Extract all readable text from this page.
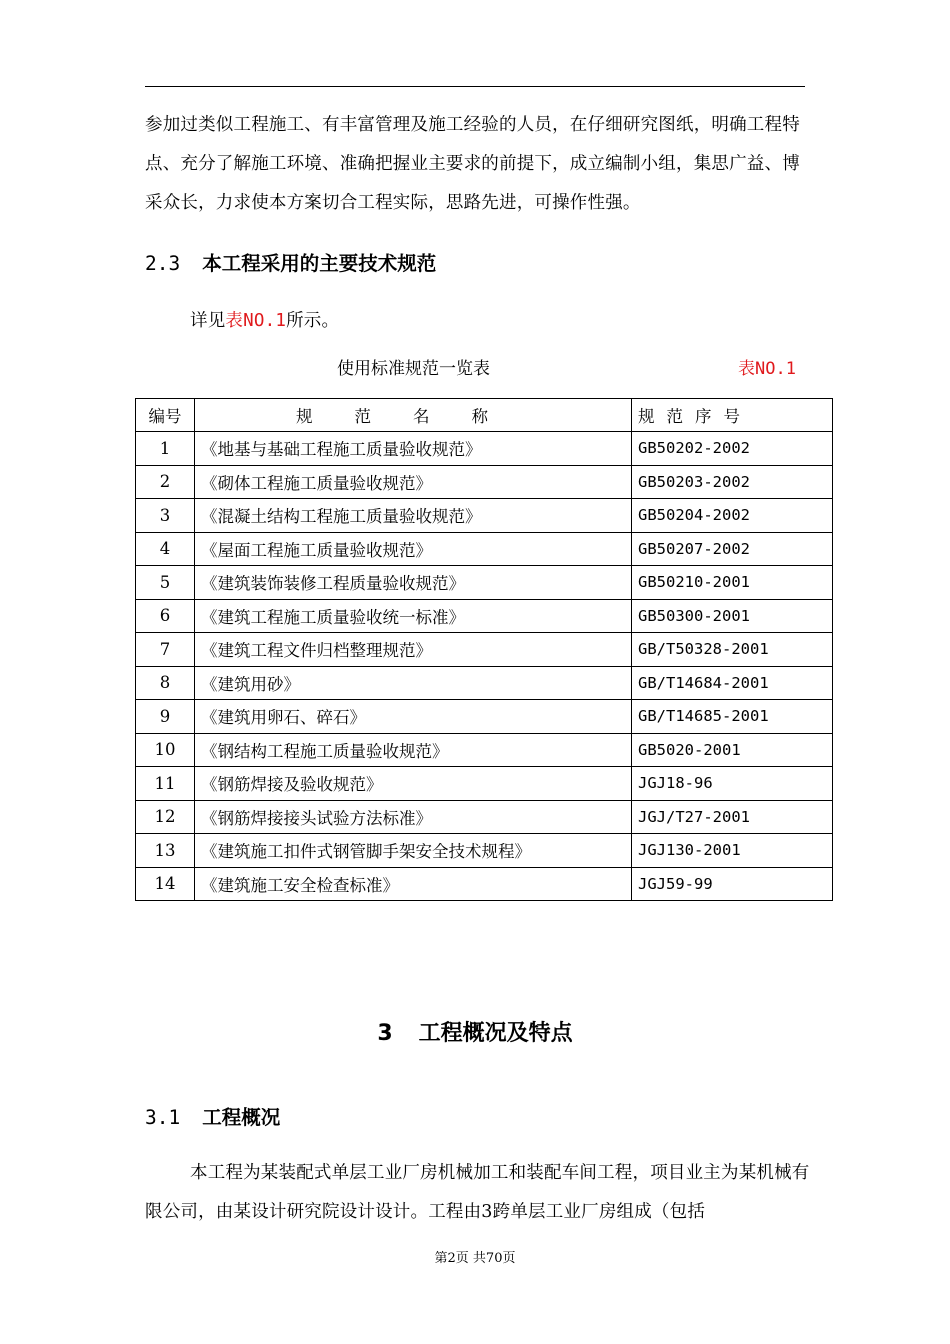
参加过类似工程施工、有丰富管理及施工经验的人员，在仔细研究图纸，明确工程特点、充分了解施工环境、准确把握业主要求的前提下，成立编制小组，集思广益、博采众长，力求使本方案切合工程实际，思路先进，可操作性强。

2.3 本工程采用的主要技术规范

详见表NO.1所示。

使用标准规范一览表	表NO.1
编号	规范名称	规范序号
1	《地基与基础工程施工质量验收规范》	GB50202-2002
2	《砌体工程施工质量验收规范》	GB50203-2002
3	《混凝土结构工程施工质量验收规范》	GB50204-2002
4	《屋面工程施工质量验收规范》	GB50207-2002
5	《建筑装饰装修工程质量验收规范》	GB50210-2001
6	《建筑工程施工质量验收统一标准》	GB50300-2001
7	《建筑工程文件归档整理规范》	GB/T50328-2001
8	《建筑用砂》	GB/T14684-2001
9	《建筑用卵石、碎石》	GB/T14685-2001
10	《钢结构工程施工质量验收规范》	GB5020-2001
11	《钢筋焊接及验收规范》	JGJ18-96
12	《钢筋焊接接头试验方法标准》	JGJ/T27-2001
13	《建筑施工扣件式钢管脚手架安全技术规程》	JGJ130-2001
14	《建筑施工安全检查标准》	JGJ59-99
3 工程概况及特点
3.1 工程概况

本工程为某装配式单层工业厂房机械加工和装配车间工程，项目业主为某机械有限公司，由某设计研究院设计设计。工程由3跨单层工业厂房组成（包括

第2页 共70页
